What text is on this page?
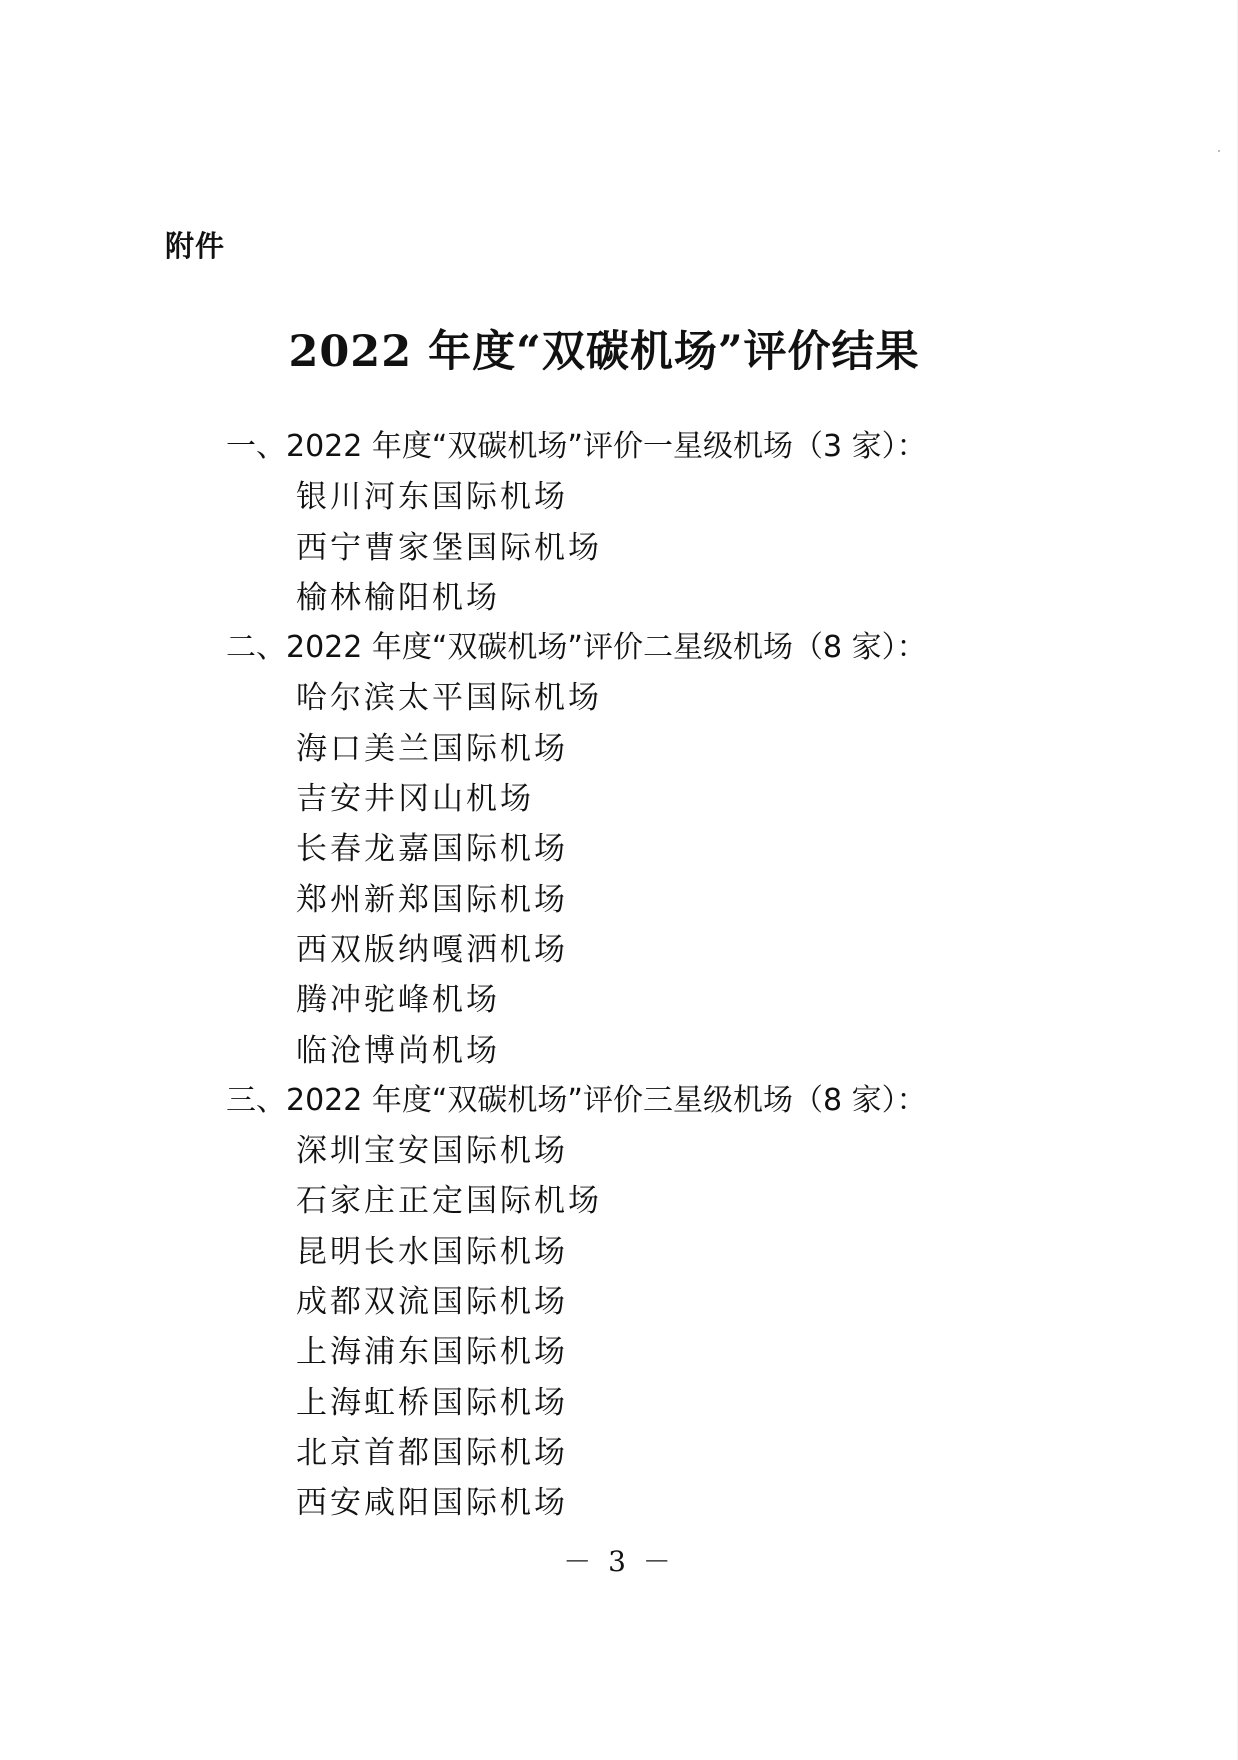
附件
2022 年度“双碳机场”评价结果
一、2022 年度“双碳机场”评价一星级机场（3 家）：
银川河东国际机场
西宁曹家堡国际机场
榆林榆阳机场
二、2022 年度“双碳机场”评价二星级机场（8 家）：
哈尔滨太平国际机场
海口美兰国际机场
吉安井冈山机场
长春龙嘉国际机场
郑州新郑国际机场
西双版纳嘎洒机场
腾冲驼峰机场
临沧博尚机场
三、2022 年度“双碳机场”评价三星级机场（8 家）：
深圳宝安国际机场
石家庄正定国际机场
昆明长水国际机场
成都双流国际机场
上海浦东国际机场
上海虹桥国际机场
北京首都国际机场
西安咸阳国际机场
－ 3 －
